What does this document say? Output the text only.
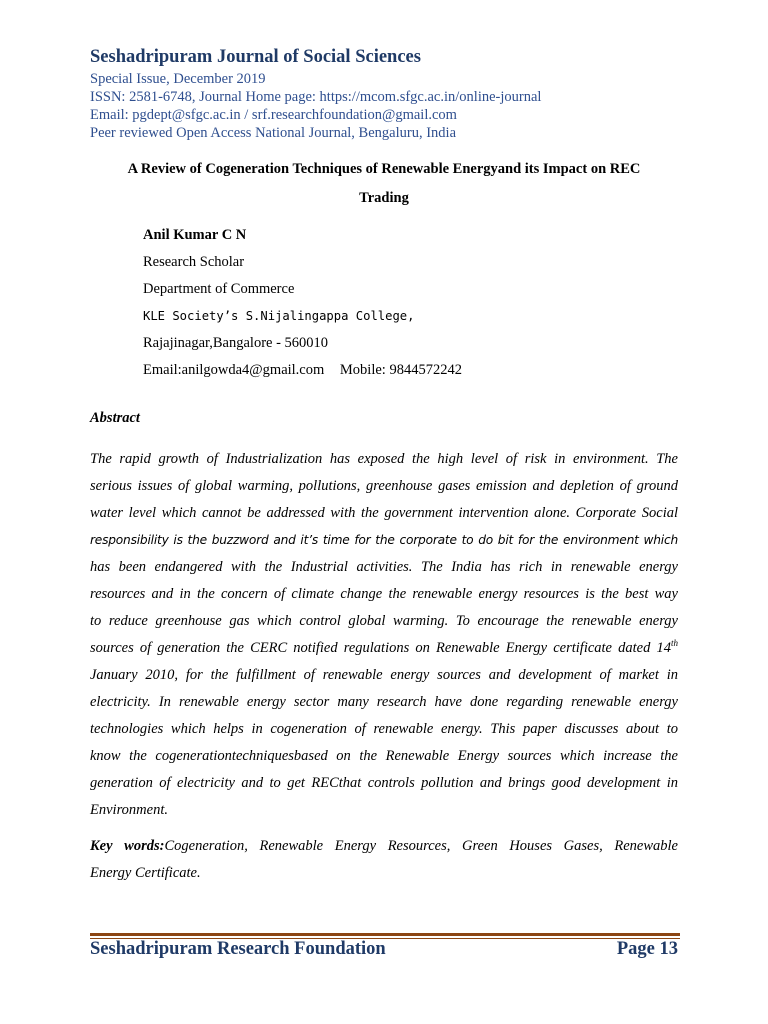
Seshadripuram Journal of Social Sciences
Special Issue, December 2019
ISSN: 2581-6748, Journal Home page: https://mcom.sfgc.ac.in/online-journal
Email: pgdept@sfgc.ac.in / srf.researchfoundation@gmail.com
Peer reviewed Open Access National Journal, Bengaluru, India
A Review of Cogeneration Techniques of Renewable Energyand its Impact on REC
Trading
Anil Kumar C N
Research Scholar
Department of Commerce
KLE Society’s S.Nijalingappa College,
Rajajinagar,Bangalore - 560010
Email:anilgowda4@gmail.com Mobile: 9844572242
Abstract
The rapid growth of Industrialization has exposed the high level of risk in environment. The
serious issues of global warming, pollutions, greenhouse gases emission and depletion of ground
water level which cannot be addressed with the government intervention alone. Corporate Social
responsibility is the buzzword and it’s time for the corporate to do bit for the environment which
has been endangered with the Industrial activities. The India has rich in renewable energy
resources and in the concern of climate change the renewable energy resources is the best way
to reduce greenhouse gas which control global warming. To encourage the renewable energy
sources of generation the CERC notified regulations on Renewable Energy certificate dated 14th
January 2010, for the fulfillment of renewable energy sources and development of market in
electricity. In renewable energy sector many research have done regarding renewable energy
technologies which helps in cogeneration of renewable energy. This paper discusses about to
know the cogenerationtechniquesbased on the Renewable Energy sources which increase the
generation of electricity and to get RECthat controls pollution and brings good development in
Environment.
Key words:Cogeneration, Renewable Energy Resources, Green Houses Gases, Renewable
Energy Certificate.
Seshadripuram Research Foundation	Page 13
